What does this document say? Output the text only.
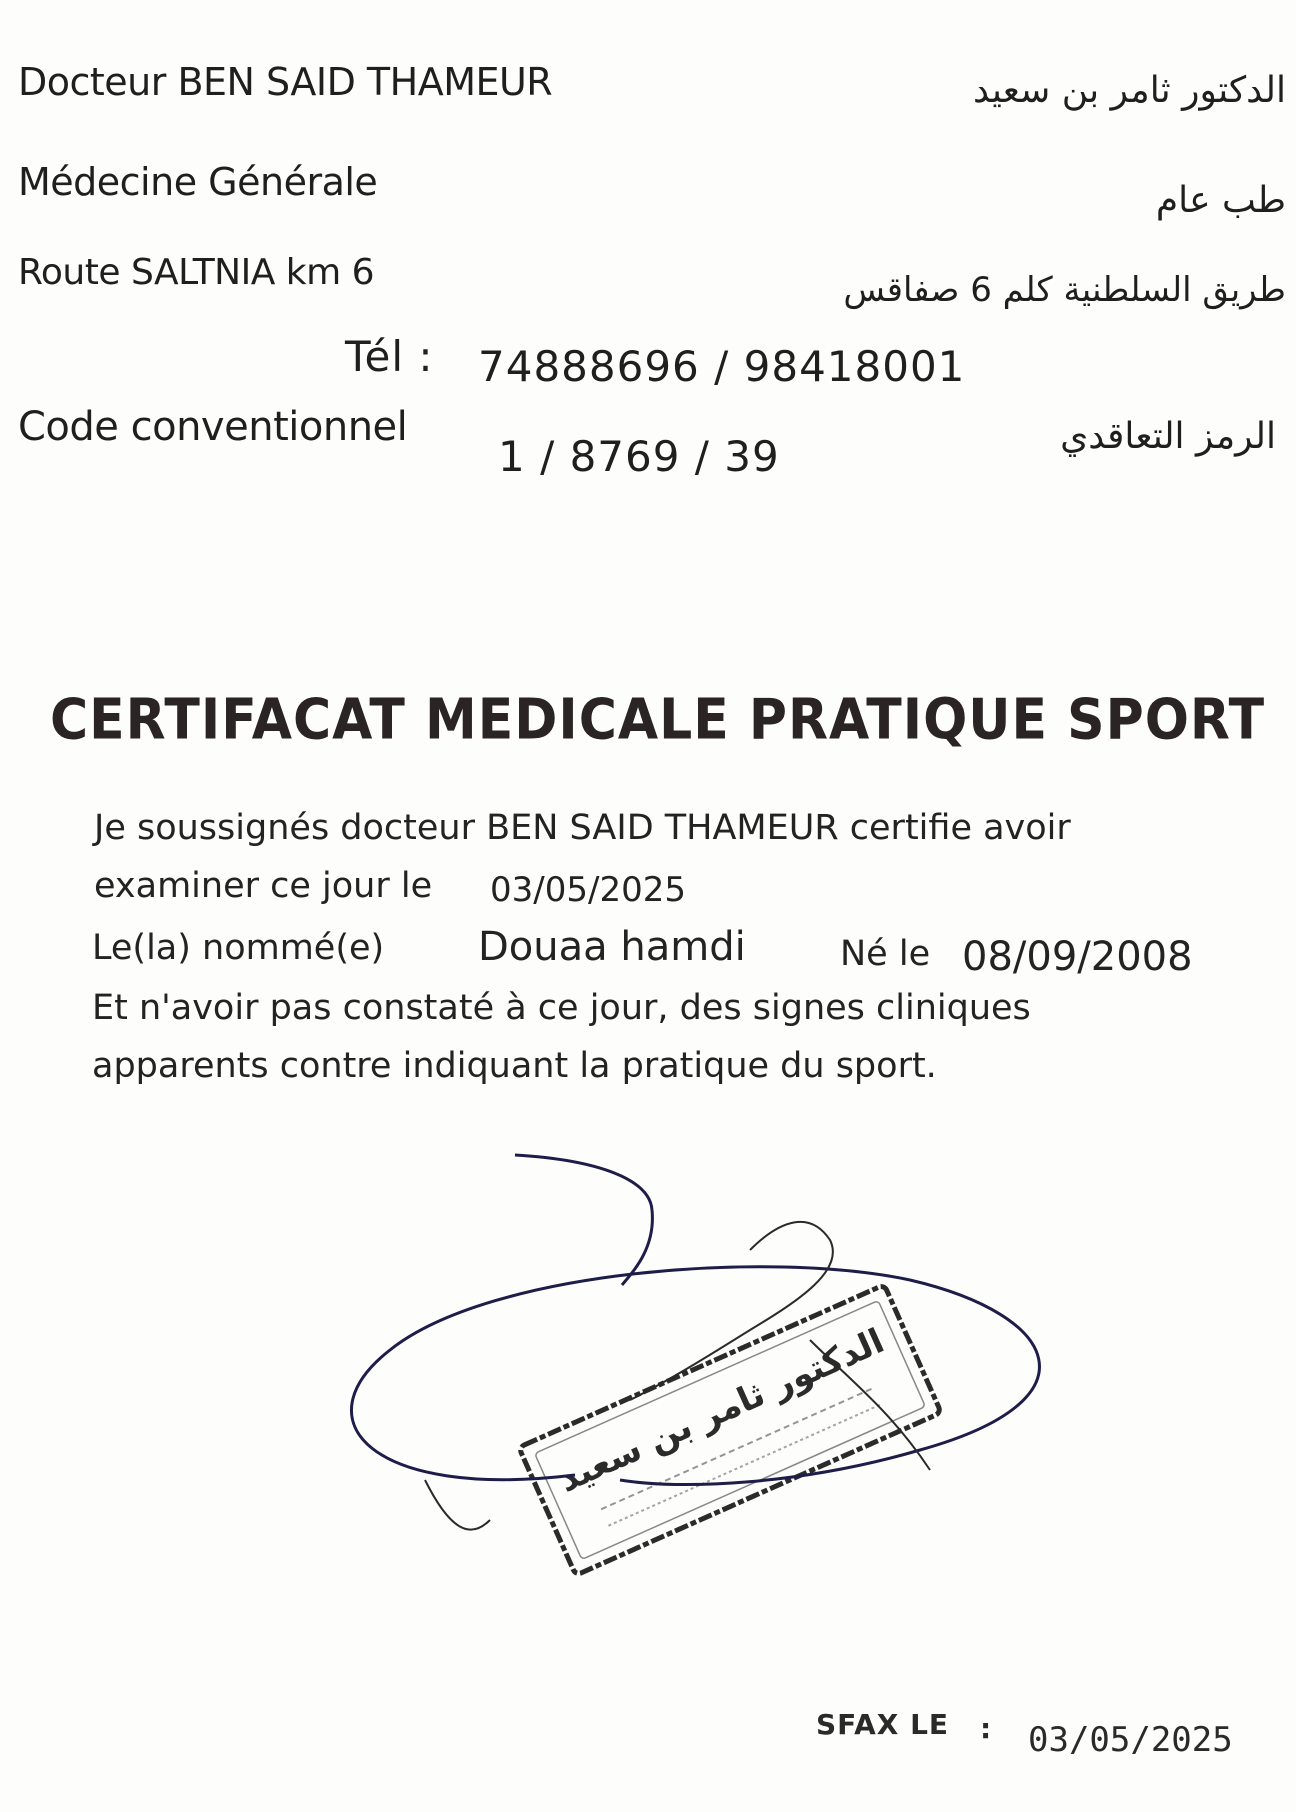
Docteur BEN SAID THAMEUR
Médecine Générale
Route SALTNIA km 6
الدكتور ثامر بن سعيد
طب عام
طريق السلطنية كلم 6 صفاقس
Tél : 74888696 / 98418001
Code conventionnel
1 / 8769 / 39	الرمز التعاقدي
CERTIFACAT MEDICALE PRATIQUE SPORT
Je soussignés docteur BEN SAID THAMEUR certifie avoir
examiner ce jour le 03/05/2025
Le(la) nommé(e) Douaa hamdi	Né le 08/09/2008
Et n'avoir pas constaté à ce jour, des signes cliniques
apparents contre indiquant la pratique du sport.
الدكتور ثامر بن سعيد
SFAX LE : 03/05/2025
